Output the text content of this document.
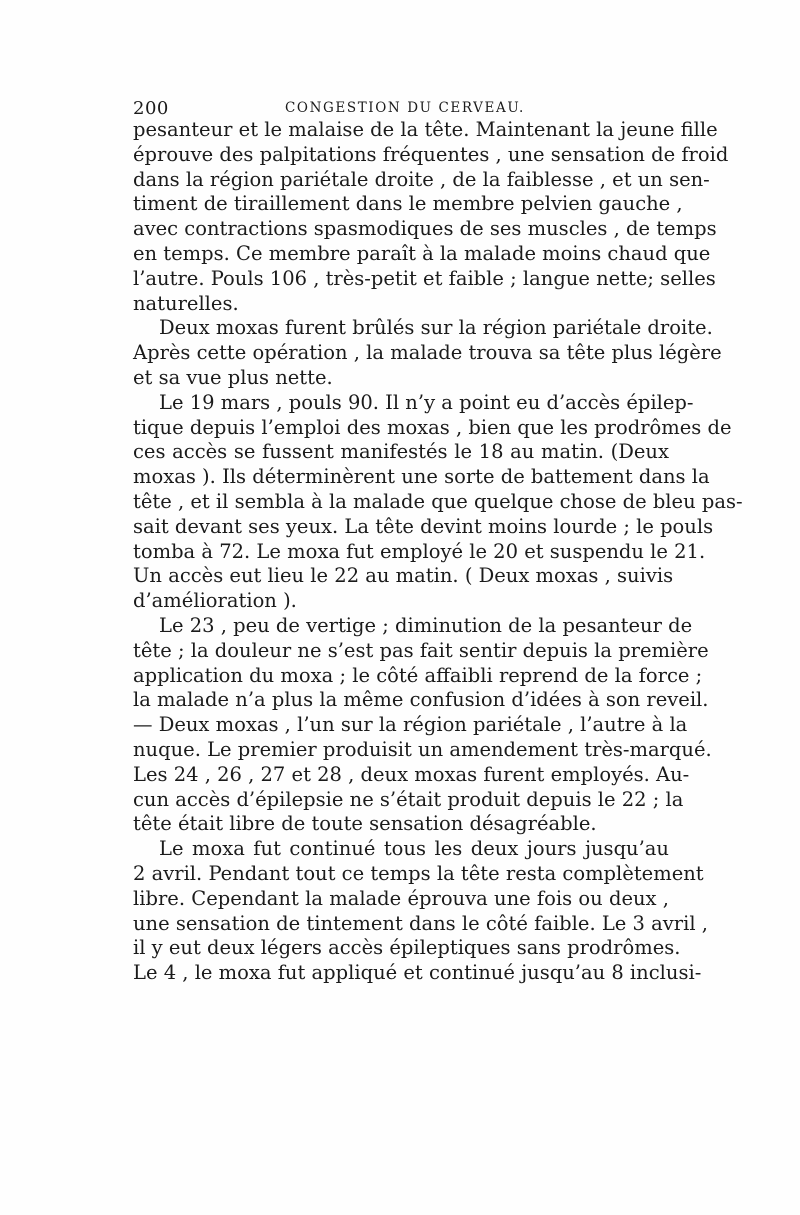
200	CONGESTION DU CERVEAU.
pesanteur et le malaise de la tête. Maintenant la jeune fille
éprouve des palpitations fréquentes , une sensation de froid
dans la région pariétale droite , de la faiblesse , et un sen-
timent de tiraillement dans le membre pelvien gauche ,
avec contractions spasmodiques de ses muscles , de temps
en temps. Ce membre paraît à la malade moins chaud que
l’autre. Pouls 106 , très-petit et faible ; langue nette; selles
naturelles.
Deux moxas furent brûlés sur la région pariétale droite.
Après cette opération , la malade trouva sa tête plus légère
et sa vue plus nette.
Le 19 mars , pouls 90. Il n’y a point eu d’accès épilep-
tique depuis l’emploi des moxas , bien que les prodrômes de
ces accès se fussent manifestés le 18 au matin. (Deux
moxas ). Ils déterminèrent une sorte de battement dans la
tête , et il sembla à la malade que quelque chose de bleu pas-
sait devant ses yeux. La tête devint moins lourde ; le pouls
tomba à 72. Le moxa fut employé le 20 et suspendu le 21.
Un accès eut lieu le 22 au matin. ( Deux moxas , suivis
d’amélioration ).
Le 23 , peu de vertige ; diminution de la pesanteur de
tête ; la douleur ne s’est pas fait sentir depuis la première
application du moxa ; le côté affaibli reprend de la force ;
la malade n’a plus la même confusion d’idées à son reveil.
— Deux moxas , l’un sur la région pariétale , l’autre à la
nuque. Le premier produisit un amendement très-marqué.
Les 24 , 26 , 27 et 28 , deux moxas furent employés. Au-
cun accès d’épilepsie ne s’était produit depuis le 22 ; la
tête était libre de toute sensation désagréable.
Le moxa fut continué tous les deux jours jusqu’au
2 avril. Pendant tout ce temps la tête resta complètement
libre. Cependant la malade éprouva une fois ou deux ,
une sensation de tintement dans le côté faible. Le 3 avril ,
il y eut deux légers accès épileptiques sans prodrômes.
Le 4 , le moxa fut appliqué et continué jusqu’au 8 inclusi-
